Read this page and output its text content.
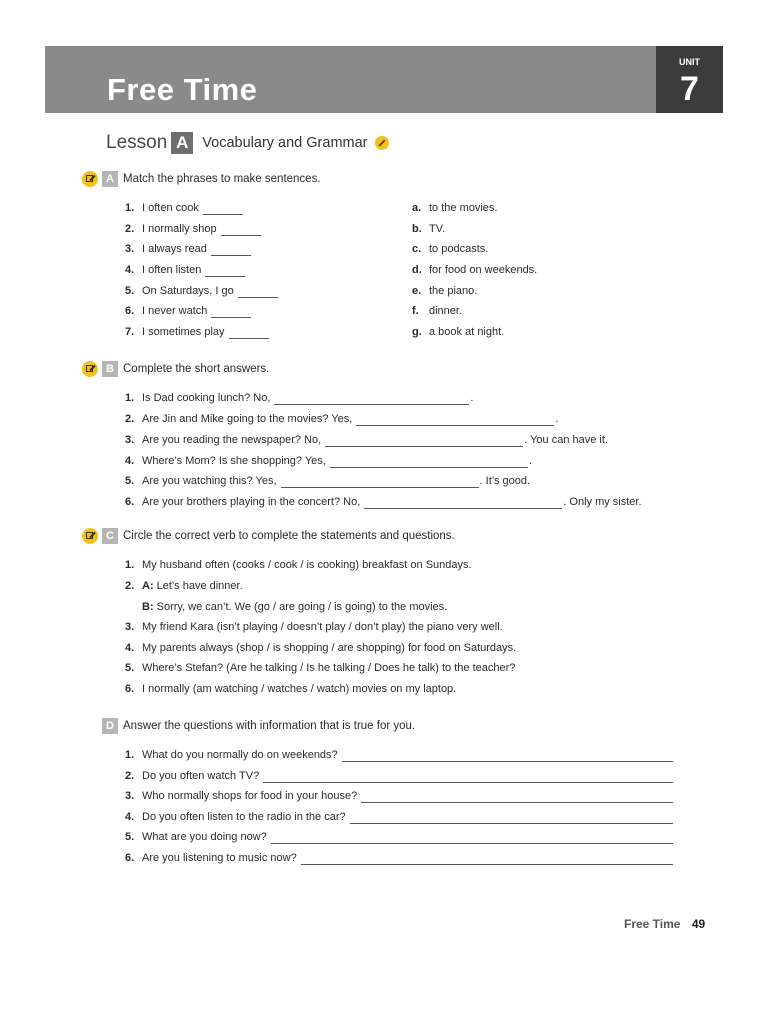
Free Time
UNIT
7
Lesson A Vocabulary and Grammar
A Match the phrases to make sentences.
1. I often cook
2. I normally shop
3. I always read
4. I often listen
5. On Saturdays, I go
6. I never watch
7. I sometimes play
a. to the movies.
b. TV.
c. to podcasts.
d. for food on weekends.
e. the piano.
f. dinner.
g. a book at night.
B Complete the short answers.
1. Is Dad cooking lunch? No,	.
2. Are Jin and Mike going to the movies? Yes,	.
3. Are you reading the newspaper? No,	. You can have it.
4. Where’s Mom? Is she shopping? Yes,	.
5. Are you watching this? Yes,	. It’s good.
6. Are your brothers playing in the concert? No,	. Only my sister.
C Circle the correct verb to complete the statements and questions.
1. My husband often (cooks / cook / is cooking) breakfast on Sundays.
2. A: Let’s have dinner.
B: Sorry, we can’t. We (go / are going / is going) to the movies.
3. My friend Kara (isn’t playing / doesn’t play / don’t play) the piano very well.
4. My parents always (shop / is shopping / are shopping) for food on Saturdays.
5. Where’s Stefan? (Are he talking / Is he talking / Does he talk) to the teacher?
6. I normally (am watching / watches / watch) movies on my laptop.
D Answer the questions with information that is true for you.
1. What do you normally do on weekends?
2. Do you often watch TV?
3. Who normally shops for food in your house?
4. Do you often listen to the radio in the car?
5. What are you doing now?
6. Are you listening to music now?
Free Time 49
